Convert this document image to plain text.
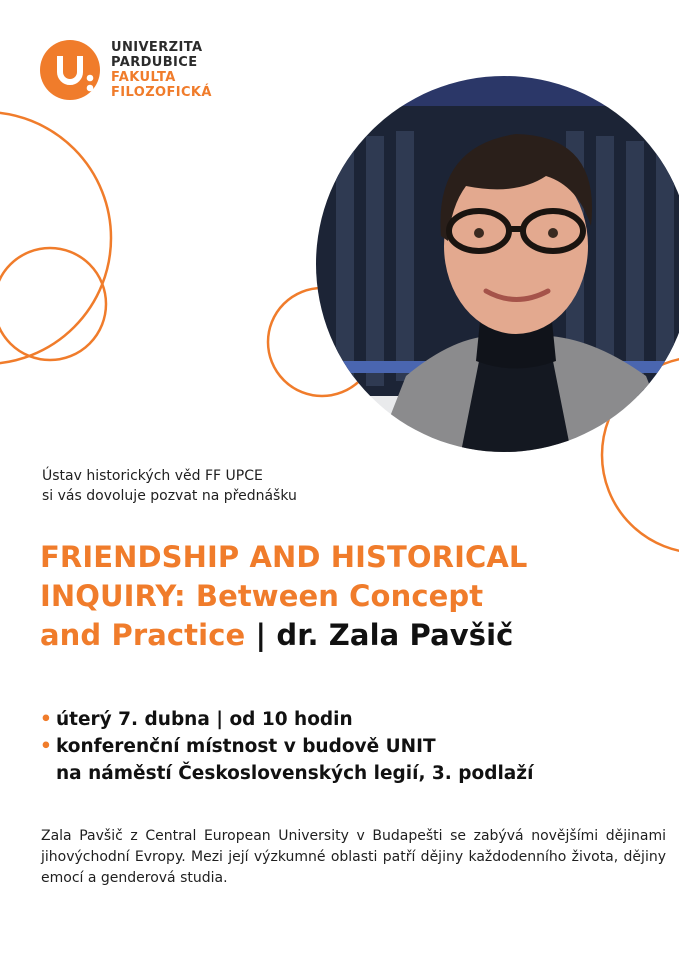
UNIVERZITA
PARDUBICE
FAKULTA
FILOZOFICKÁ
Ústav historických věd FF UPCE
si vás dovoluje pozvat na přednášku
FRIENDSHIP AND HISTORICAL
INQUIRY: Between Concept
and Practice | dr. Zala Pavšič
• úterý 7. dubna | od 10 hodin
• konferenční místnost v budově UNIT
na náměstí Československých legií, 3. podlaží
Zala Pavšič z Central European University v Budapešti se zabývá novějšími dějinami jihovýchodní Evropy. Mezi její výzkumné oblasti patří dějiny každodenního života, dějiny emocí a genderová studia.
